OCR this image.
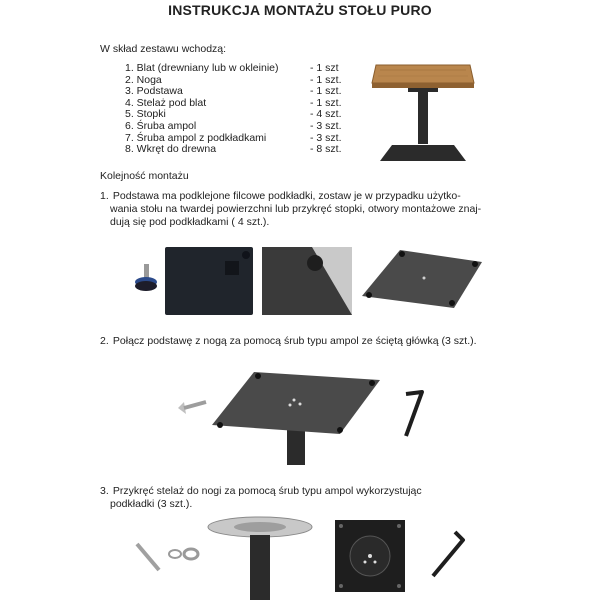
INSTRUKCJA MONTAŻU STOŁU PURO
W skład zestawu wchodzą:
1. Blat (drewniany lub w okleinie)	- 1 szt
2. Noga	- 1 szt.
3. Podstawa	- 1 szt.
4. Stelaż pod blat	- 1 szt.
5. Stopki	- 4 szt.
6. Śruba ampol	- 3 szt.
7. Śruba ampol z podkładkami	- 3 szt.
8. Wkręt do drewna	- 8 szt.
Kolejność montażu
1. Podstawa ma podklejone filcowe podkładki, zostaw je w przypadku użytko-
wania stołu na twardej powierzchni lub przykręć stopki, otwory montażowe znaj-
dują się pod podkładkami ( 4 szt.).
2. Połącz podstawę z nogą za pomocą śrub typu ampol ze ściętą główką (3 szt.).
3. Przykręć stelaż do nogi za pomocą śrub typu ampol wykorzystując
podkładki (3 szt.).
